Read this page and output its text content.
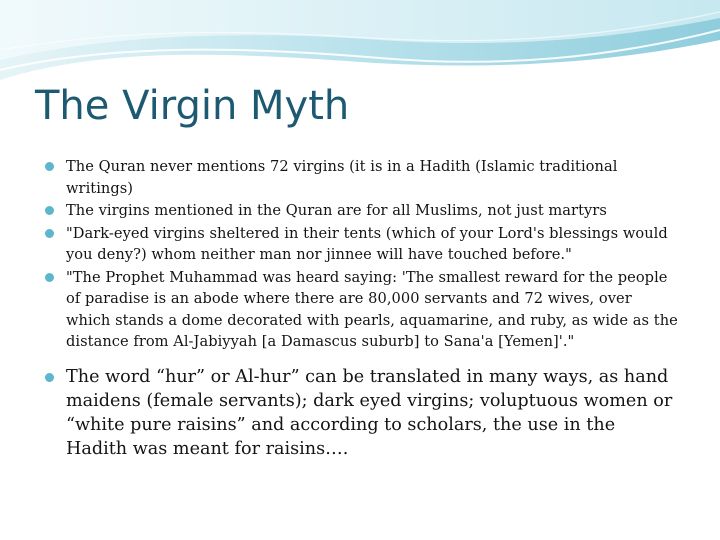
The Virgin Myth
The Quran never mentions 72 virgins (it is in a Hadith (Islamic traditional writings)
The virgins mentioned in the Quran are for all Muslims, not just martyrs
"Dark-eyed virgins sheltered in their tents (which of your Lord's blessings would you deny?) whom neither man nor jinnee will have touched before."
"The Prophet Muhammad was heard saying: 'The smallest reward for the people of paradise is an abode where there are 80,000 servants and 72 wives, over which stands a dome decorated with pearls, aquamarine, and ruby, as wide as the distance from Al-Jabiyyah [a Damascus suburb] to Sana'a [Yemen]'."
The word “hur” or Al-hur” can be translated in many ways, as hand maidens (female servants); dark eyed virgins; voluptuous women or “white pure raisins” and according to scholars, the use in the Hadith was meant for raisins….
